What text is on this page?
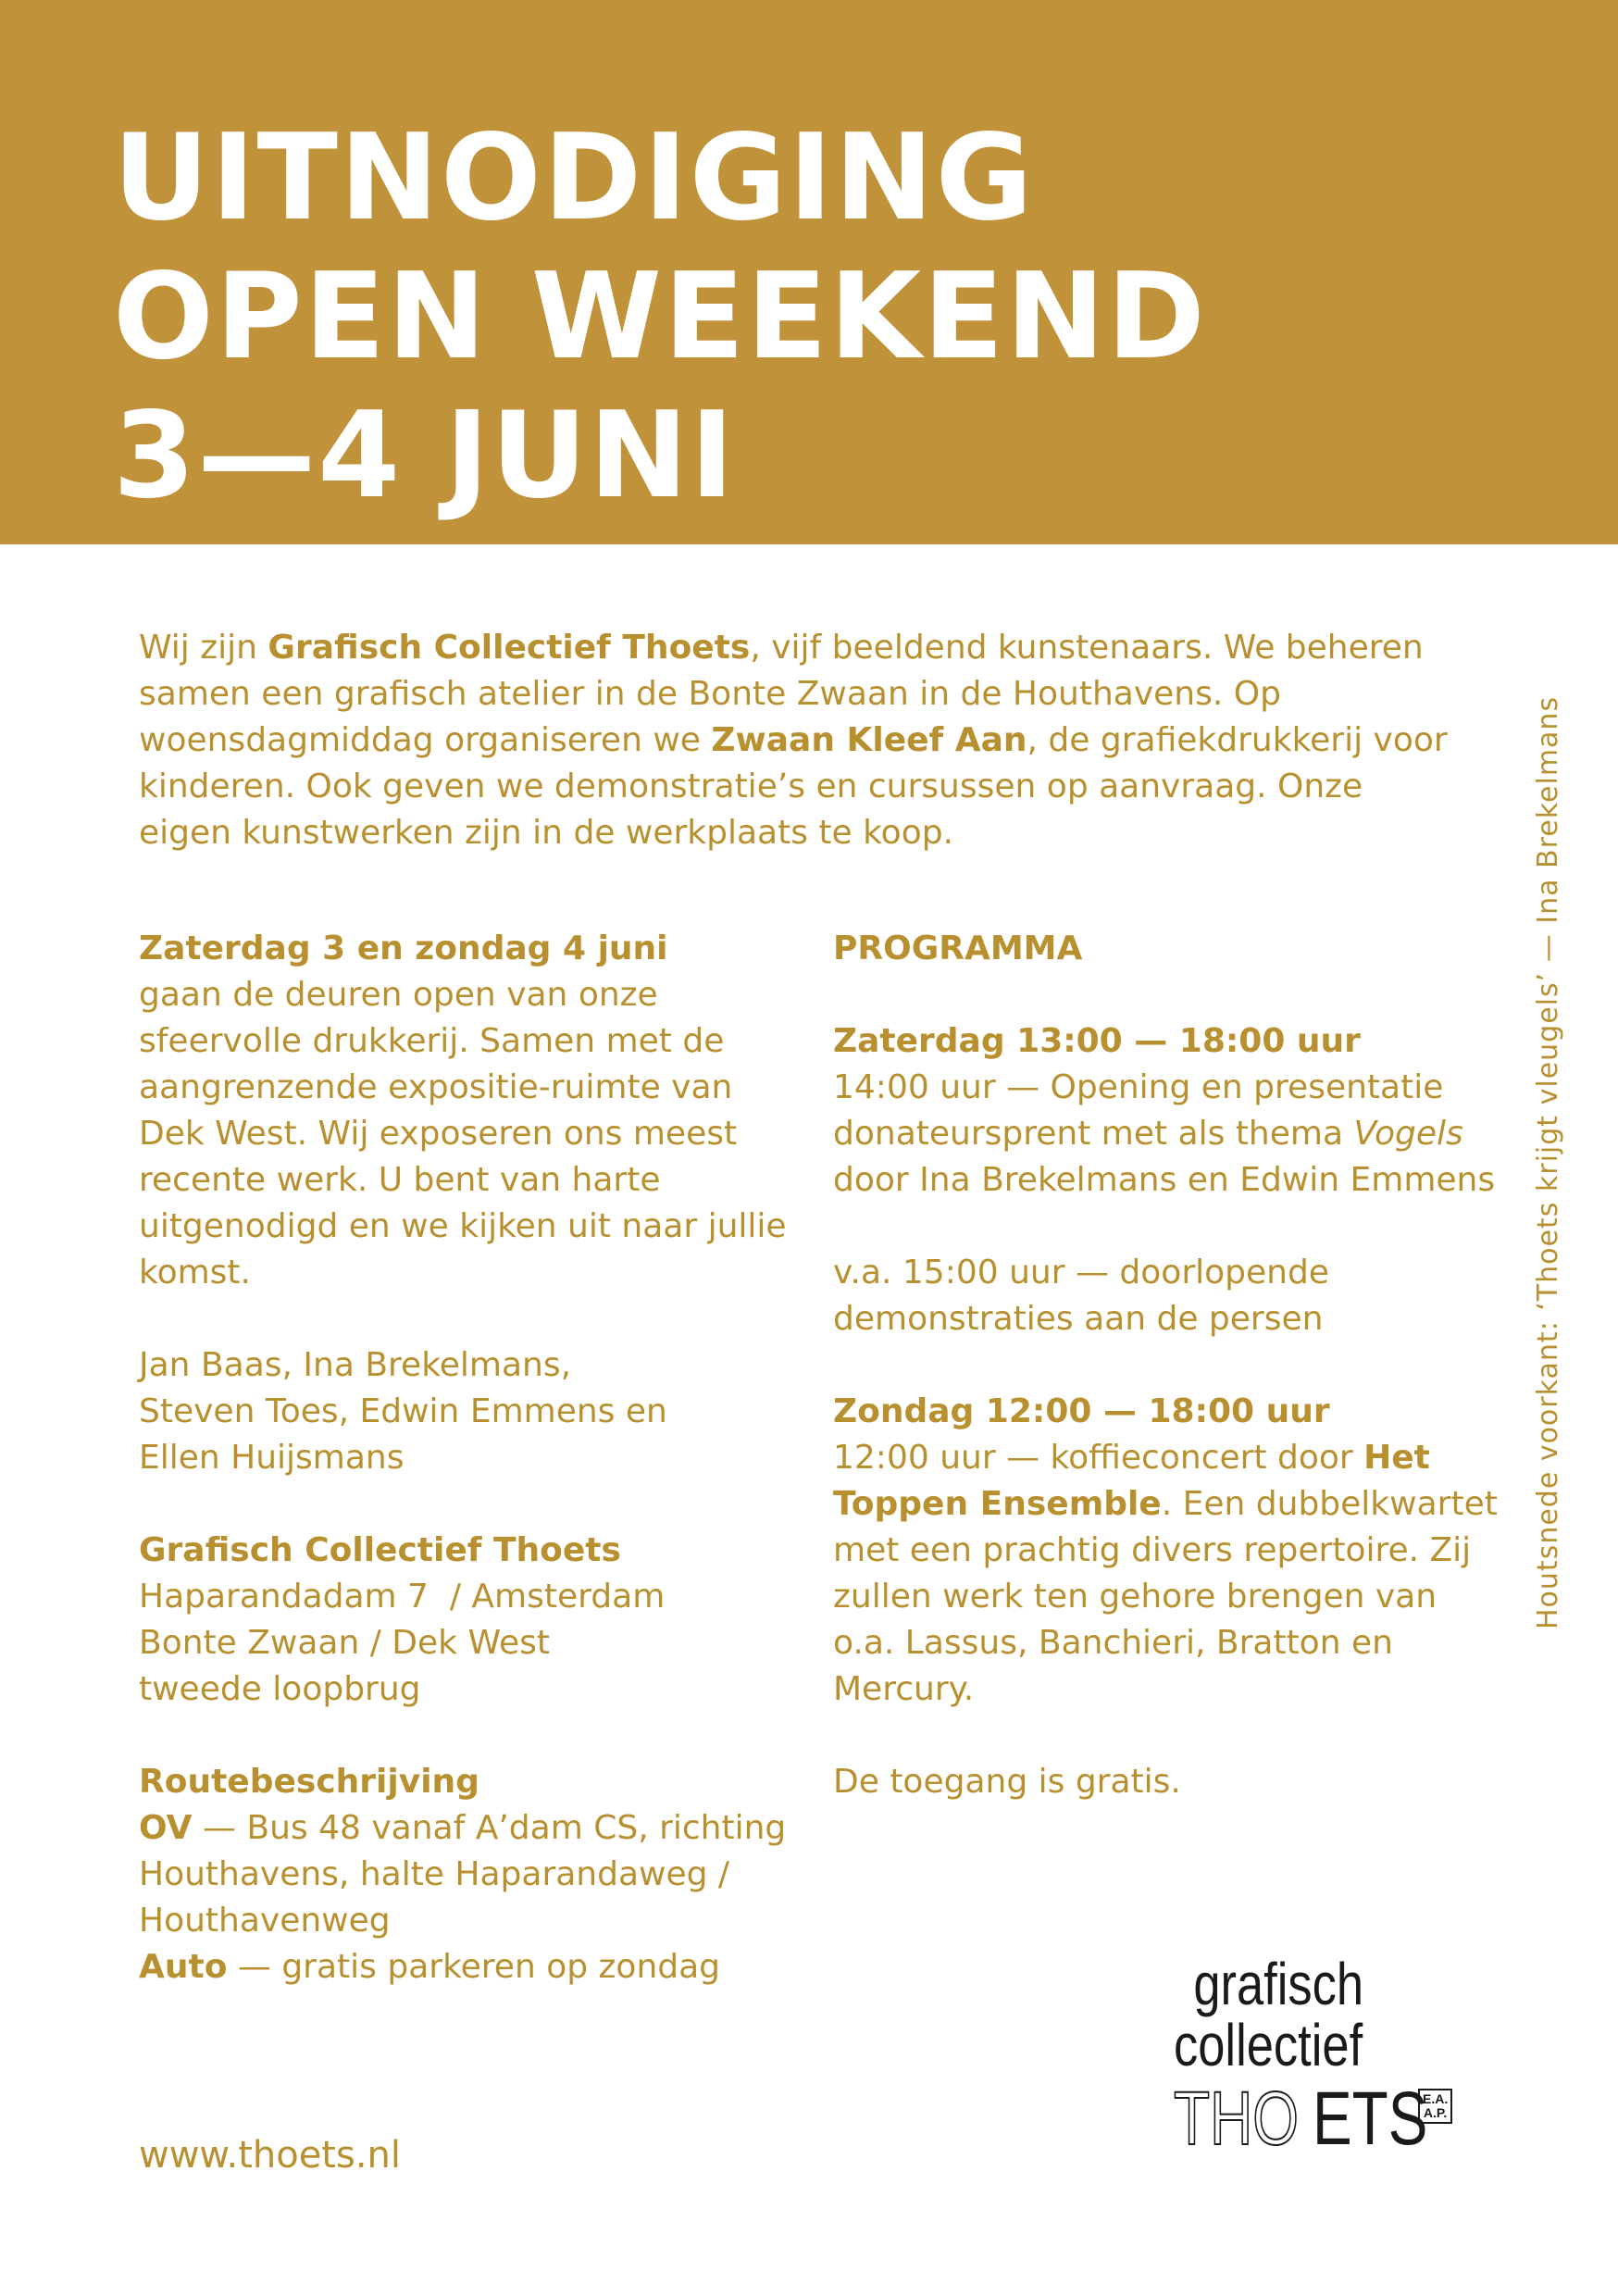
UITNODIGING
OPEN WEEKEND
3—4 JUNI

Wij zijn Grafisch Collectief Thoets, vijf beeldend kunstenaars. We beheren samen een grafisch atelier in de Bonte Zwaan in de Houthavens. Op woensdagmiddag organiseren we Zwaan Kleef Aan, de grafiekdrukkerij voor kinderen. Ook geven we demonstratie’s en cursussen op aanvraag. Onze eigen kunstwerken zijn in de werkplaats te koop.

Zaterdag 3 en zondag 4 juni
gaan de deuren open van onze sfeervolle drukkerij. Samen met de aangrenzende expositie-ruimte van Dek West. Wij exposeren ons meest recente werk. U bent van harte uitgenodigd en we kijken uit naar jullie komst.

Jan Baas, Ina Brekelmans,
Steven Toes, Edwin Emmens en
Ellen Huijsmans

Grafisch Collectief Thoets
Haparandadam 7  / Amsterdam
Bonte Zwaan / Dek West
tweede loopbrug

Routebeschrijving
OV — Bus 48 vanaf A’dam CS, richting Houthavens, halte Haparandaweg / Houthavenweg
Auto — gratis parkeren op zondag

PROGRAMMA

Zaterdag 13:00 — 18:00 uur
14:00 uur — Opening en presentatie donateursprent met als thema Vogels door Ina Brekelmans en Edwin Emmens

v.a. 15:00 uur — doorlopende demonstraties aan de persen

Zondag 12:00 — 18:00 uur
12:00 uur — koffieconcert door Het Toppen Ensemble. Een dubbelkwartet met een prachtig divers repertoire. Zij zullen werk ten gehore brengen van o.a. Lassus, Banchieri, Bratton en Mercury.

De toegang is gratis.

Houtsnede voorkant: ‘Thoets krijgt vleugels’ — Ina Brekelmans
www.thoets.nl
grafisch
collectief
THO ETS
E.A.
A.P.
